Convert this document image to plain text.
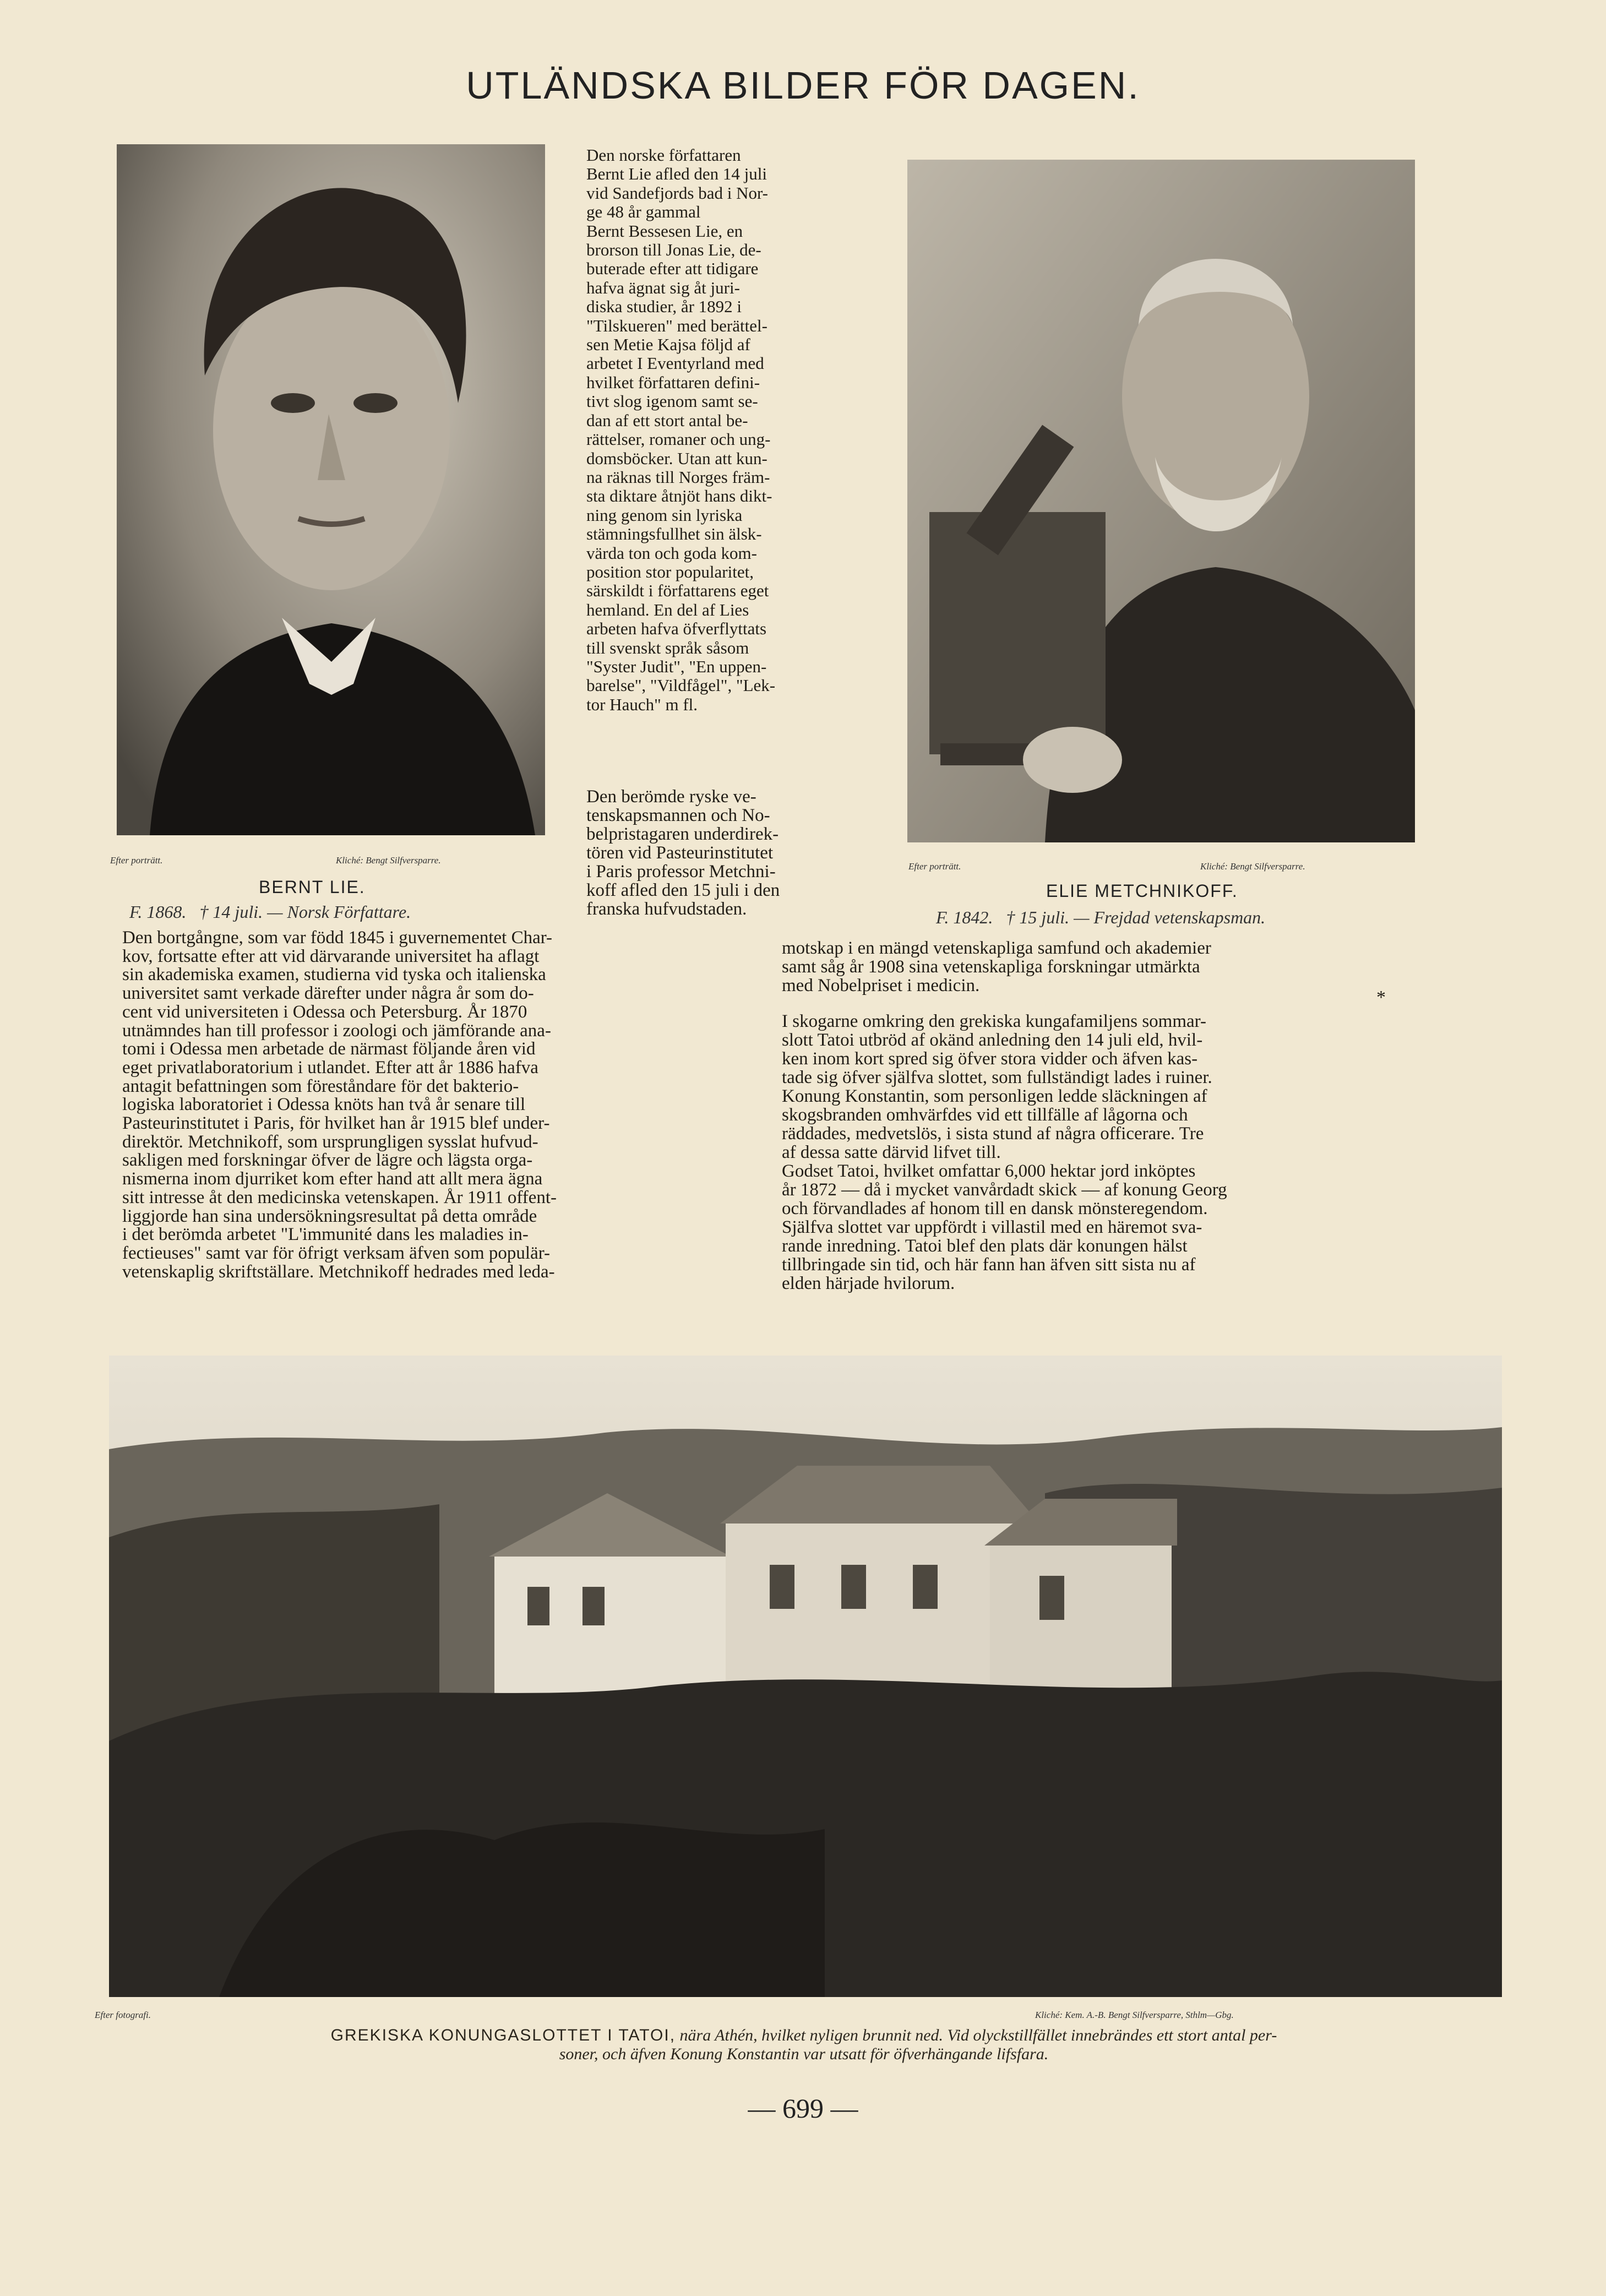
UTLÄNDSKA BILDER FÖR DAGEN.
Efter porträtt.	Kliché: Bengt Silfversparre.
BERNT LIE.
F. 1868.   † 14 juli. — Norsk Författare.
Den norske författaren
Bernt Lie afled den 14 juli
vid Sandefjords bad i Nor-
ge 48 år gammal
Bernt Bessesen Lie, en
brorson till Jonas Lie, de-
buterade efter att tidigare
hafva ägnat sig åt juri-
diska studier, år 1892 i
"Tilskueren" med berättel-
sen Metie Kajsa följd af
arbetet I Eventyrland med
hvilket författaren defini-
tivt slog igenom samt se-
dan af ett stort antal be-
rättelser, romaner och ung-
domsböcker. Utan att kun-
na räknas till Norges främ-
sta diktare åtnjöt hans dikt-
ning genom sin lyriska
stämningsfullhet sin älsk-
värda ton och goda kom-
position stor popularitet,
särskildt i författarens eget
hemland. En del af Lies
arbeten hafva öfverflyttats
till svenskt språk såsom
"Syster Judit", "En uppen-
barelse", "Vildfågel", "Lek-
tor Hauch" m fl.
Efter porträtt.	Kliché: Bengt Silfversparre.
ELIE METCHNIKOFF.
F. 1842.   † 15 juli. — Frejdad vetenskapsman.
Den berömde ryske ve-
tenskapsmannen och No-
belpristagaren underdirek-
tören vid Pasteurinstitutet
i Paris professor Metchni-
koff afled den 15 juli i den
franska hufvudstaden.
Den bortgångne, som var född 1845 i guvernementet Char-
kov, fortsatte efter att vid därvarande universitet ha aflagt
sin akademiska examen, studierna vid tyska och italienska
universitet samt verkade därefter under några år som do-
cent vid universiteten i Odessa och Petersburg. År 1870
utnämndes han till professor i zoologi och jämförande ana-
tomi i Odessa men arbetade de närmast följande åren vid
eget privatlaboratorium i utlandet. Efter att år 1886 hafva
antagit befattningen som föreståndare för det bakterio-
logiska laboratoriet i Odessa knöts han två år senare till
Pasteurinstitutet i Paris, för hvilket han år 1915 blef under-
direktör. Metchnikoff, som ursprungligen sysslat hufvud-
sakligen med forskningar öfver de lägre och lägsta orga-
nismerna inom djurriket kom efter hand att allt mera ägna
sitt intresse åt den medicinska vetenskapen. År 1911 offent-
liggjorde han sina undersökningsresultat på detta område
i det berömda arbetet "L'immunité dans les maladies in-
fectieuses" samt var för öfrigt verksam äfven som populär-
vetenskaplig skriftställare. Metchnikoff hedrades med leda-
motskap i en mängd vetenskapliga samfund och akademier
samt såg år 1908 sina vetenskapliga forskningar utmärkta
med Nobelpriset i medicin.
*
I skogarne omkring den grekiska kungafamiljens sommar-
slott Tatoi utbröd af okänd anledning den 14 juli eld, hvil-
ken inom kort spred sig öfver stora vidder och äfven kas-
tade sig öfver själfva slottet, som fullständigt lades i ruiner.
Konung Konstantin, som personligen ledde släckningen af
skogsbranden omhvärfdes vid ett tillfälle af lågorna och
räddades, medvetslös, i sista stund af några officerare. Tre
af dessa satte därvid lifvet till.
Godset Tatoi, hvilket omfattar 6,000 hektar jord inköptes
år 1872 — då i mycket vanvårdadt skick — af konung Georg
och förvandlades af honom till en dansk mönsteregendom.
Själfva slottet var uppfördt i villastil med en häremot sva-
rande inredning. Tatoi blef den plats där konungen hälst
tillbringade sin tid, och här fann han äfven sitt sista nu af
elden härjade hvilorum.
Efter fotografi.	Kliché: Kem. A.-B. Bengt Silfversparre, Sthlm—Gbg.
GREKISKA KONUNGASLOTTET I TATOI, nära Athén, hvilket nyligen brunnit ned. Vid olyckstillfället innebrändes ett stort antal per-
soner, och äfven Konung Konstantin var utsatt för öfverhängande lifsfara.
— 699 —
